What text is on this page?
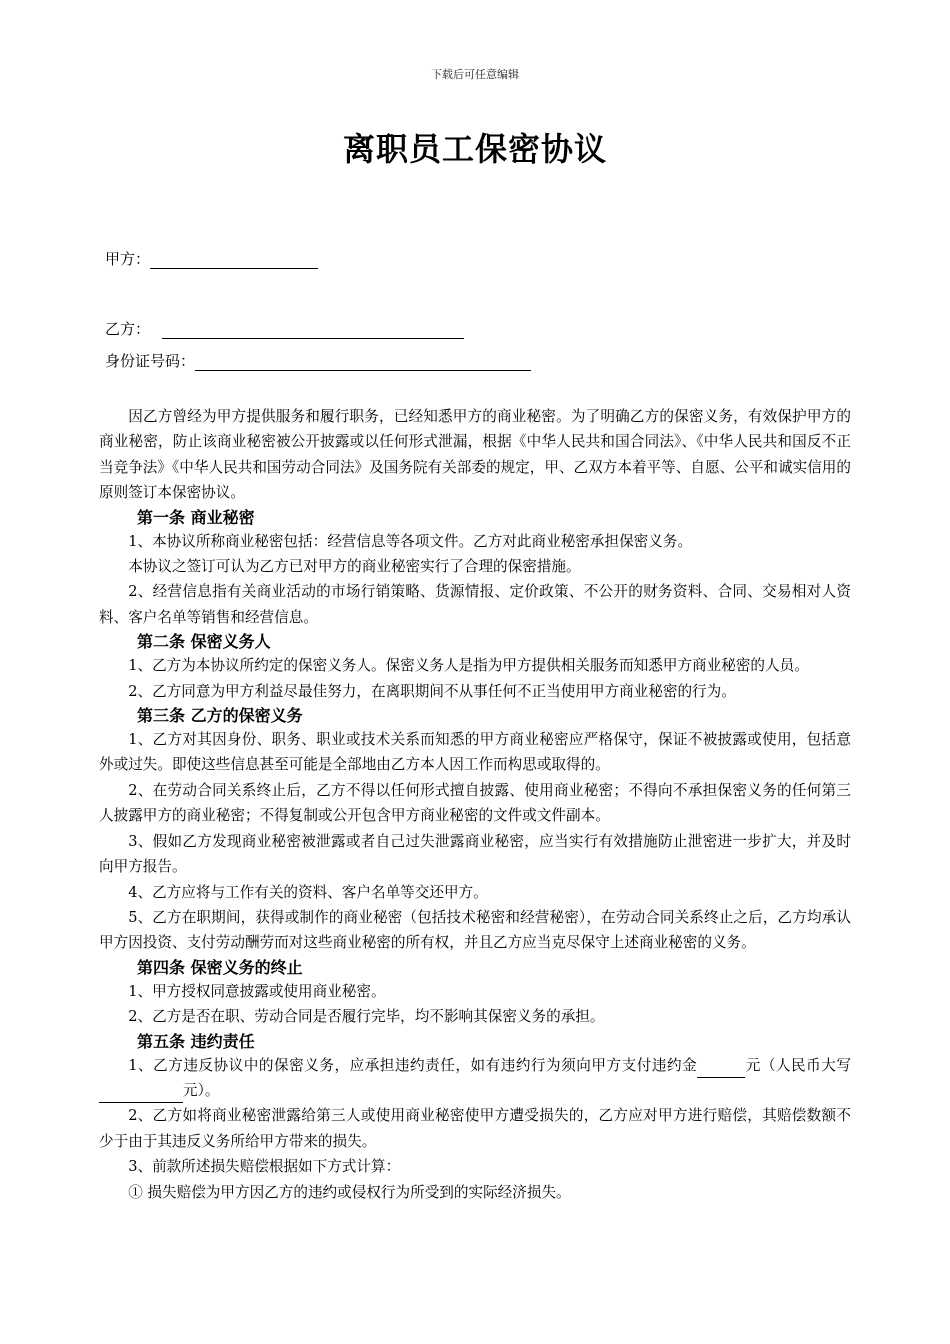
下载后可任意编辑
离职员工保密协议
甲方：
乙方：
身份证号码：

因乙方曾经为甲方提供服务和履行职务，已经知悉甲方的商业秘密。为了明确乙方的保密义务，有效保护甲方的商业秘密，防止该商业秘密被公开披露或以任何形式泄漏，根据《中华人民共和国合同法》、《中华人民共和国反不正当竞争法》《中华人民共和国劳动合同法》及国务院有关部委的规定，甲、乙双方本着平等、自愿、公平和诚实信用的原则签订本保密协议。

第一条 商业秘密

1、本协议所称商业秘密包括：经营信息等各项文件。乙方对此商业秘密承担保密义务。

本协议之签订可认为乙方已对甲方的商业秘密实行了合理的保密措施。

2、经营信息指有关商业活动的市场行销策略、货源情报、定价政策、不公开的财务资料、合同、交易相对人资料、客户名单等销售和经营信息。

第二条 保密义务人

1、乙方为本协议所约定的保密义务人。保密义务人是指为甲方提供相关服务而知悉甲方商业秘密的人员。

2、乙方同意为甲方利益尽最佳努力，在离职期间不从事任何不正当使用甲方商业秘密的行为。

第三条 乙方的保密义务

1、乙方对其因身份、职务、职业或技术关系而知悉的甲方商业秘密应严格保守，保证不被披露或使用，包括意外或过失。即使这些信息甚至可能是全部地由乙方本人因工作而构思或取得的。

2、在劳动合同关系终止后，乙方不得以任何形式擅自披露、使用商业秘密；不得向不承担保密义务的任何第三人披露甲方的商业秘密；不得复制或公开包含甲方商业秘密的文件或文件副本。

3、假如乙方发现商业秘密被泄露或者自己过失泄露商业秘密，应当实行有效措施防止泄密进一步扩大，并及时向甲方报告。

4、乙方应将与工作有关的资料、客户名单等交还甲方。

5、乙方在职期间，获得或制作的商业秘密（包括技术秘密和经营秘密），在劳动合同关系终止之后，乙方均承认甲方因投资、支付劳动酬劳而对这些商业秘密的所有权，并且乙方应当克尽保守上述商业秘密的义务。

第四条 保密义务的终止

1、甲方授权同意披露或使用商业秘密。

2、乙方是否在职、劳动合同是否履行完毕，均不影响其保密义务的承担。

第五条 违约责任

1、乙方违反协议中的保密义务，应承担违约责任，如有违约行为须向甲方支付违约金	元（人民币大写元）。

2、乙方如将商业秘密泄露给第三人或使用商业秘密使甲方遭受损失的，乙方应对甲方进行赔偿，其赔偿数额不少于由于其违反义务所给甲方带来的损失。

3、前款所述损失赔偿根据如下方式计算：

① 损失赔偿为甲方因乙方的违约或侵权行为所受到的实际经济损失。
